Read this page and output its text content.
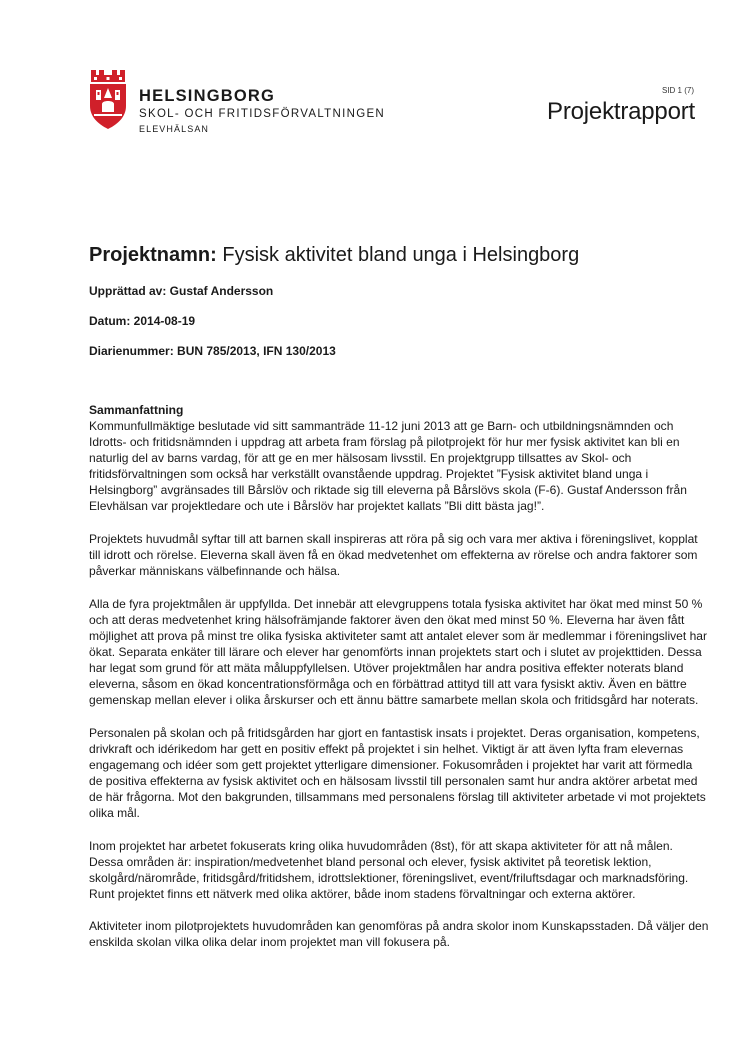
HELSINGBORG
SKOL- OCH FRITIDSFÖRVALTNINGEN
ELEVHÄLSAN
SID 1 (7)
Projektrapport
Projektnamn: Fysisk aktivitet bland unga i Helsingborg
Upprättad av: Gustaf Andersson
Datum: 2014-08-19
Diarienummer: BUN 785/2013, IFN 130/2013
Sammanfattning

Kommunfullmäktige beslutade vid sitt sammanträde 11-12 juni 2013 att ge Barn- och utbildningsnämnden och Idrotts- och fritidsnämnden i uppdrag att arbeta fram förslag på pilotprojekt för hur mer fysisk aktivitet kan bli en naturlig del av barns vardag, för att ge en mer hälsosam livsstil. En projektgrupp tillsattes av Skol- och fritidsförvaltningen som också har verkställt ovanstående uppdrag. Projektet ”Fysisk aktivitet bland unga i Helsingborg” avgränsades till Bårslöv och riktade sig till eleverna på Bårslövs skola (F-6). Gustaf Andersson från Elevhälsan var projektledare och ute i Bårslöv har projektet kallats ”Bli ditt bästa jag!”.

Projektets huvudmål syftar till att barnen skall inspireras att röra på sig och vara mer aktiva i föreningslivet, kopplat till idrott och rörelse. Eleverna skall även få en ökad medvetenhet om effekterna av rörelse och andra faktorer som påverkar människans välbefinnande och hälsa.

Alla de fyra projektmålen är uppfyllda. Det innebär att elevgruppens totala fysiska aktivitet har ökat med minst 50 % och att deras medvetenhet kring hälsofrämjande faktorer även den ökat med minst 50 %. Eleverna har även fått möjlighet att prova på minst tre olika fysiska aktiviteter samt att antalet elever som är medlemmar i föreningslivet har ökat. Separata enkäter till lärare och elever har genomförts innan projektets start och i slutet av projekttiden. Dessa har legat som grund för att mäta måluppfyllelsen. Utöver projektmålen har andra positiva effekter noterats bland eleverna, såsom en ökad koncentrationsförmåga och en förbättrad attityd till att vara fysiskt aktiv. Även en bättre gemenskap mellan elever i olika årskurser och ett ännu bättre samarbete mellan skola och fritidsgård har noterats.

Personalen på skolan och på fritidsgården har gjort en fantastisk insats i projektet. Deras organisation, kompetens, drivkraft och idérikedom har gett en positiv effekt på projektet i sin helhet. Viktigt är att även lyfta fram elevernas engagemang och idéer som gett projektet ytterligare dimensioner. Fokusområden i projektet har varit att förmedla de positiva effekterna av fysisk aktivitet och en hälsosam livsstil till personalen samt hur andra aktörer arbetat med de här frågorna. Mot den bakgrunden, tillsammans med personalens förslag till aktiviteter arbetade vi mot projektets olika mål.

Inom projektet har arbetet fokuserats kring olika huvudområden (8st), för att skapa aktiviteter för att nå målen. Dessa områden är: inspiration/medvetenhet bland personal och elever, fysisk aktivitet på teoretisk lektion, skolgård/närområde, fritidsgård/fritidshem, idrottslektioner, föreningslivet, event/friluftsdagar och marknadsföring. Runt projektet finns ett nätverk med olika aktörer, både inom stadens förvaltningar och externa aktörer.

Aktiviteter inom pilotprojektets huvudområden kan genomföras på andra skolor inom Kunskapsstaden. Då väljer den enskilda skolan vilka olika delar inom projektet man vill fokusera på.
